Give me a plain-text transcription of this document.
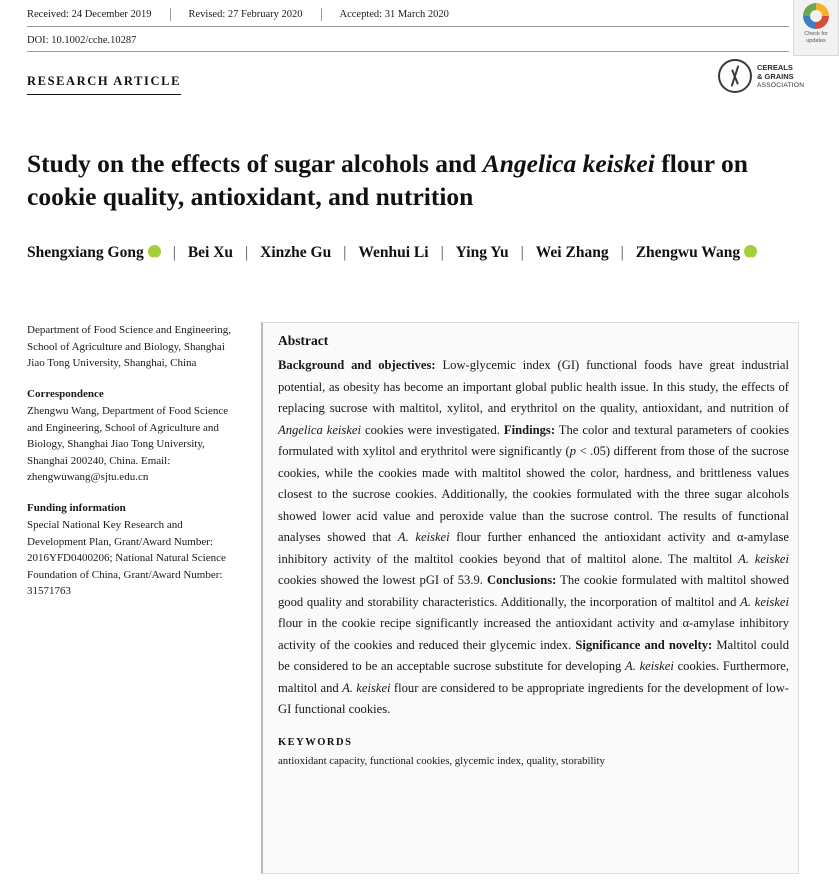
Received: 24 December 2019	Revised: 27 February 2020	Accepted: 31 March 2020
DOI: 10.1002/cche.10287
Check for
updates
RESEARCH ARTICLE
CEREALS
& GRAINS
ASSOCIATION
Study on the effects of sugar alcohols and Angelica keiskei flour on cookie quality, antioxidant, and nutrition
Shengxiang Gong iD | Bei Xu | Xinzhe Gu | Wenhui Li | Ying Yu | Wei Zhang | Zhengwu WangiD
Department of Food Science and Engineering, School of Agriculture and Biology, Shanghai Jiao Tong University, Shanghai, China
Correspondence
Zhengwu Wang, Department of Food Science and Engineering, School of Agriculture and Biology, Shanghai Jiao Tong University, Shanghai 200240, China. Email: zhengwuwang@sjtu.edu.cn
Funding information
Special National Key Research and Development Plan, Grant/Award Number: 2016YFD0400206; National Natural Science Foundation of China, Grant/Award Number: 31571763
Abstract

Background and objectives: Low-glycemic index (GI) functional foods have great industrial potential, as obesity has become an important global public health issue. In this study, the effects of replacing sucrose with maltitol, xylitol, and erythritol on the quality, antioxidant, and nutrition of Angelica keiskei cookies were investigated. Findings: The color and textural parameters of cookies formulated with xylitol and erythritol were significantly (p < .05) different from those of the sucrose cookies, while the cookies made with maltitol showed the color, hardness, and brittleness values closest to the sucrose cookies. Additionally, the cookies formulated with the three sugar alcohols showed lower acid value and peroxide value than the sucrose control. The results of functional analyses showed that A. keiskei flour further enhanced the antioxidant activity and α-amylase inhibitory activity of the maltitol cookies beyond that of maltitol alone. The maltitol A. keiskei cookies showed the lowest pGI of 53.9. Conclusions: The cookie formulated with maltitol showed good quality and storability characteristics. Additionally, the incorporation of maltitol and A. keiskei flour in the cookie recipe significantly increased the antioxidant activity and α-amylase inhibitory activity of the cookies and reduced their glycemic index. Significance and novelty: Maltitol could be considered to be an acceptable sucrose substitute for developing A. keiskei cookies. Furthermore, maltitol and A. keiskei flour are considered to be appropriate ingredients for the development of low-GI functional cookies.

KEYWORDS
antioxidant capacity, functional cookies, glycemic index, quality, storability
